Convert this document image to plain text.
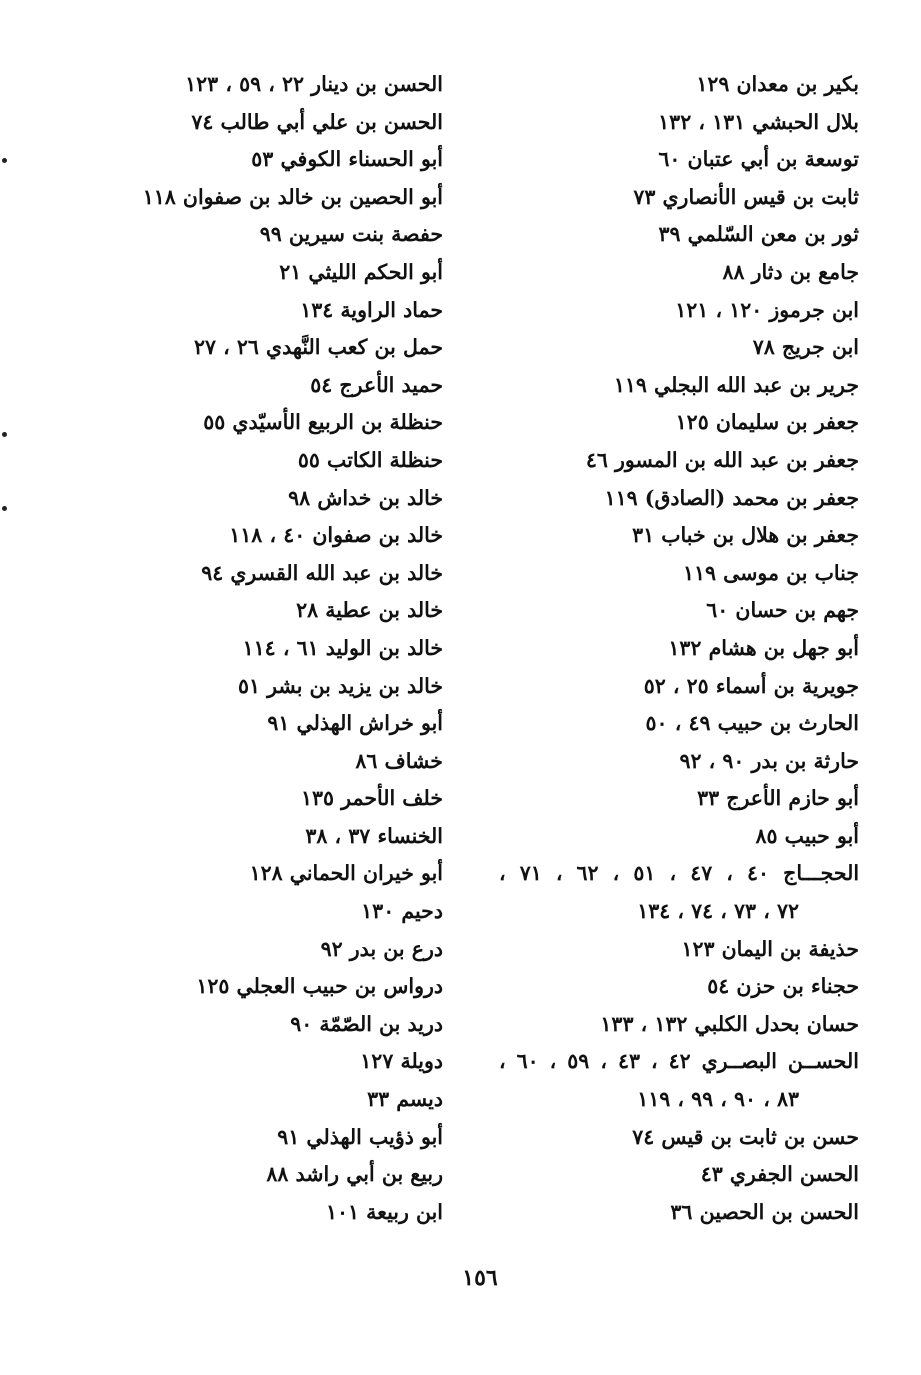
بكير بن معدان ١٢٩
بلال الحبشي ١٣١ ، ١٣٢
توسعة بن أبي عتبان ٦٠
ثابت بن قيس الأنصاري ٧٣
ثور بن معن السّلمي ٣٩
جامع بن دثار ٨٨
ابن جرموز ١٢٠ ، ١٢١
ابن جريج ٧٨
جرير بن عبد الله البجلي ١١٩
جعفر بن سليمان ١٢٥
جعفر بن عبد الله بن المسور ٤٦
جعفر بن محمد (الصادق) ١١٩
جعفر بن هلال بن خباب ٣١
جناب بن موسى ١١٩
جهم بن حسان ٦٠
أبو جهل بن هشام ١٣٢
جويرية بن أسماء ٢٥ ، ٥٢
الحارث بن حبيب ٤٩ ، ٥٠
حارثة بن بدر ٩٠ ، ٩٢
أبو حازم الأعرج ٣٣
أبو حبيب ٨٥
الحجـــاج ٤٠ ، ٤٧ ، ٥١ ، ٦٢ ، ٧١ ،
٧٢ ، ٧٣ ، ٧٤ ، ١٣٤
حذيفة بن اليمان ١٢٣
حجناء بن حزن ٥٤
حسان بحدل الكلبي ١٣٢ ، ١٣٣
الحســن البصــري ٤٢ ، ٤٣ ، ٥٩ ، ٦٠ ،
٨٣ ، ٩٠ ، ٩٩ ، ١١٩
حسن بن ثابت بن قيس ٧٤
الحسن الجفري ٤٣
الحسن بن الحصين ٣٦
الحسن بن دينار ٢٢ ، ٥٩ ، ١٢٣
الحسن بن علي أبي طالب ٧٤
أبو الحسناء الكوفي ٥٣
أبو الحصين بن خالد بن صفوان ١١٨
حفصة بنت سيرين ٩٩
أبو الحكم الليثي ٢١
حماد الراوية ١٣٤
حمل بن كعب النَّهدي ٢٦ ، ٢٧
حميد الأعرج ٥٤
حنظلة بن الربيع الأسيّدي ٥٥
حنظلة الكاتب ٥٥
خالد بن خداش ٩٨
خالد بن صفوان ٤٠ ، ١١٨
خالد بن عبد الله القسري ٩٤
خالد بن عطية ٢٨
خالد بن الوليد ٦١ ، ١١٤
خالد بن يزيد بن بشر ٥١
أبو خراش الهذلي ٩١
خشاف ٨٦
خلف الأحمر ١٣٥
الخنساء ٣٧ ، ٣٨
أبو خيران الحماني ١٢٨
دحيم ١٣٠
درع بن بدر ٩٢
درواس بن حبيب العجلي ١٢٥
دريد بن الصّمّة ٩٠
دويلة ١٢٧
ديسم ٣٣
أبو ذؤيب الهذلي ٩١
ربيع بن أبي راشد ٨٨
ابن ربيعة ١٠١
١٥٦
